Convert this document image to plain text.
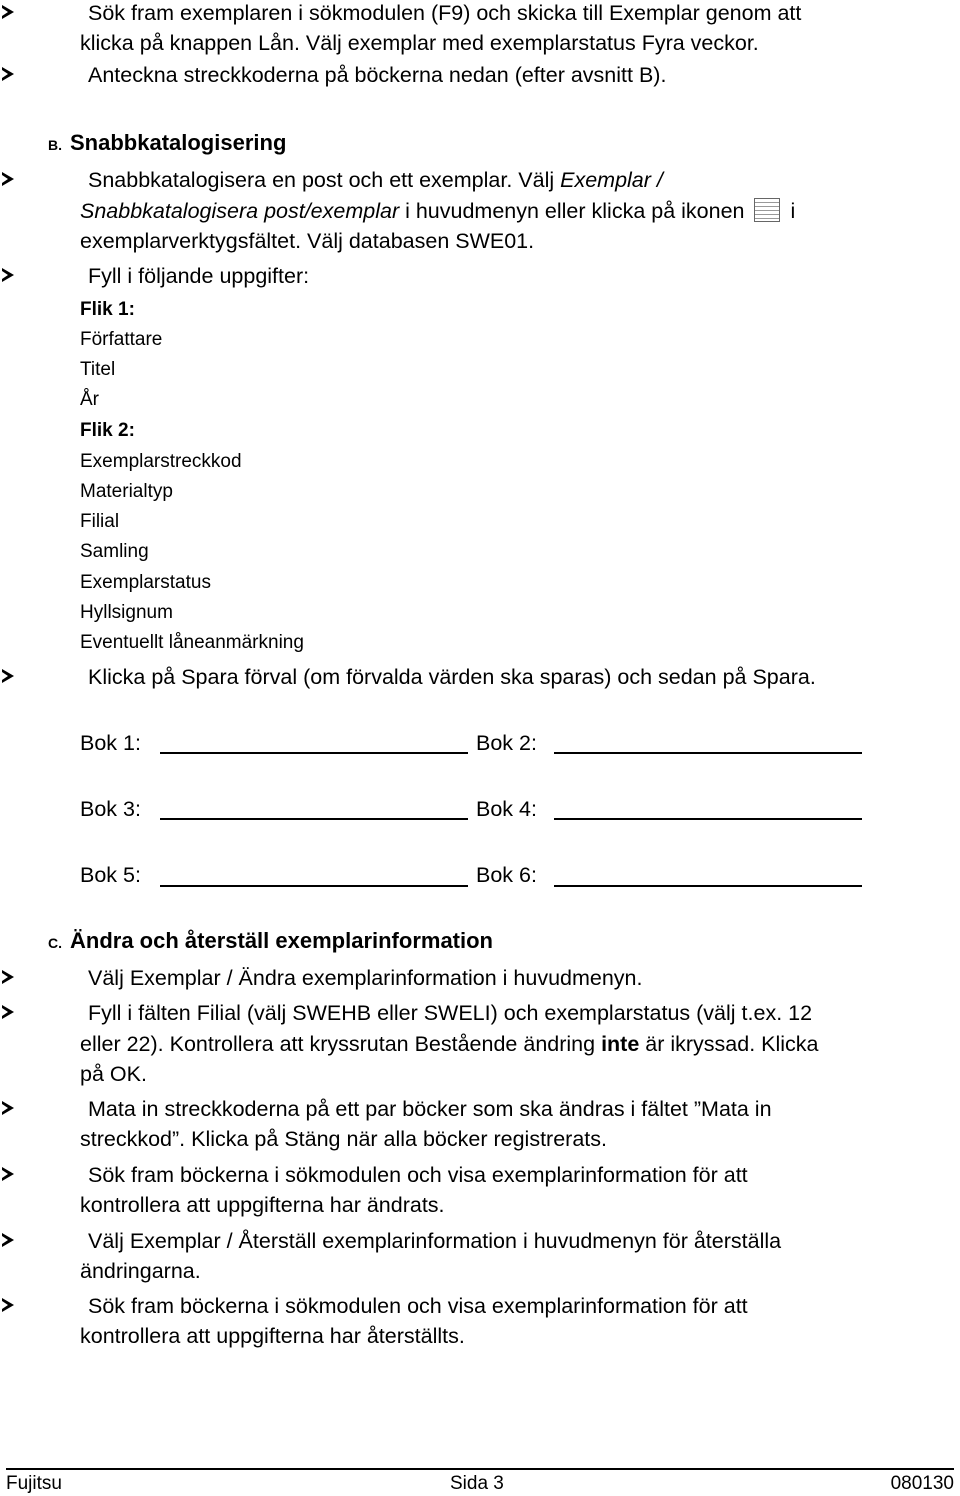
Sök fram exemplaren i sökmodulen (F9) och skicka till Exemplar genom att
klicka på knappen Lån. Välj exemplar med exemplarstatus Fyra veckor.
Anteckna streckkoderna på böckerna nedan (efter avsnitt B).
B. Snabbkatalogisering
Snabbkatalogisera en post och ett exemplar. Välj Exemplar /
Snabbkatalogisera post/exemplar i huvudmenyn eller klicka på ikonen  i
exemplarverktygsfältet. Välj databasen SWE01.
Fyll i följande uppgifter:
Flik 1:
Författare
Titel
År
Flik 2:
Exemplarstreckkod
Materialtyp
Filial
Samling
Exemplarstatus
Hyllsignum
Eventuellt låneanmärkning
Klicka på Spara förval (om förvalda värden ska sparas) och sedan på Spara.
Bok 1:	Bok 2:
Bok 3:	Bok 4:
Bok 5:	Bok 6:
C. Ändra och återställ exemplarinformation
Välj Exemplar / Ändra exemplarinformation i huvudmenyn.
Fyll i fälten Filial (välj SWEHB eller SWELI) och exemplarstatus (välj t.ex. 12
eller 22). Kontrollera att kryssrutan Bestående ändring inte är ikryssad. Klicka
på OK.
Mata in streckkoderna på ett par böcker som ska ändras i fältet ”Mata in
streckkod”. Klicka på Stäng när alla böcker registrerats.
Sök fram böckerna i sökmodulen och visa exemplarinformation för att
kontrollera att uppgifterna har ändrats.
Välj Exemplar / Återställ exemplarinformation i huvudmenyn för återställa
ändringarna.
Sök fram böckerna i sökmodulen och visa exemplarinformation för att
kontrollera att uppgifterna har återställts.
Fujitsu	Sida 3	080130
